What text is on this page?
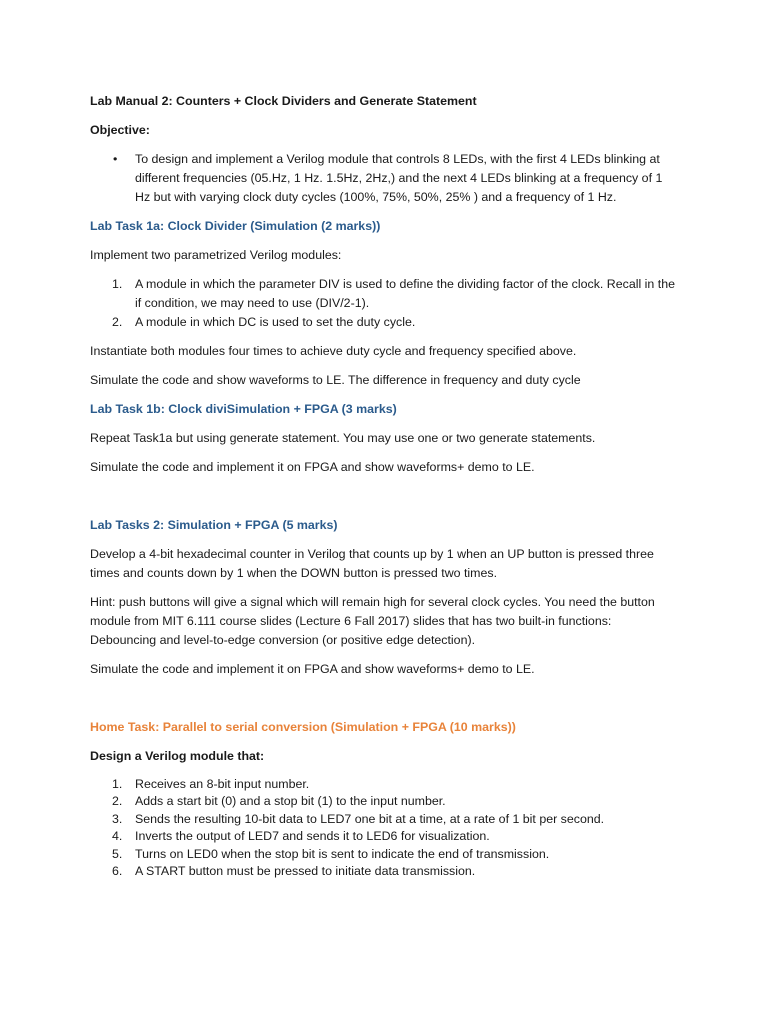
Lab Manual 2: Counters + Clock Dividers and Generate Statement

Objective:

• To design and implement a Verilog module that controls 8 LEDs, with the first 4 LEDs blinking at different frequencies (05.Hz, 1 Hz. 1.5Hz, 2Hz,) and the next 4 LEDs blinking at a frequency of 1 Hz but with varying clock duty cycles (100%, 75%, 50%, 25% ) and a frequency of 1 Hz.

Lab Task 1a: Clock Divider (Simulation (2 marks))

Implement two parametrized Verilog modules:

1. A module in which the parameter DIV is used to define the dividing factor of the clock. Recall in the if condition, we may need to use (DIV/2-1).
2. A module in which DC is used to set the duty cycle.

Instantiate both modules four times to achieve duty cycle and frequency specified above.

Simulate the code and show waveforms to LE. The difference in frequency and duty cycle

Lab Task 1b: Clock diviSimulation + FPGA (3 marks)

Repeat Task1a but using generate statement. You may use one or two generate statements.

Simulate the code and implement it on FPGA and show waveforms+ demo to LE.

Lab Tasks 2: Simulation + FPGA (5 marks)

Develop a 4-bit hexadecimal counter in Verilog that counts up by 1 when an UP button is pressed three times and counts down by 1 when the DOWN button is pressed two times.

Hint: push buttons will give a signal which will remain high for several clock cycles. You need the button module from MIT 6.111 course slides (Lecture 6 Fall 2017) slides that has two built-in functions: Debouncing and level-to-edge conversion (or positive edge detection).

Simulate the code and implement it on FPGA and show waveforms+ demo to LE.

Home Task: Parallel to serial conversion (Simulation + FPGA (10 marks))

Design a Verilog module that:

1. Receives an 8-bit input number.
2. Adds a start bit (0) and a stop bit (1) to the input number.
3. Sends the resulting 10-bit data to LED7 one bit at a time, at a rate of 1 bit per second.
4. Inverts the output of LED7 and sends it to LED6 for visualization.
5. Turns on LED0 when the stop bit is sent to indicate the end of transmission.
6. A START button must be pressed to initiate data transmission.
